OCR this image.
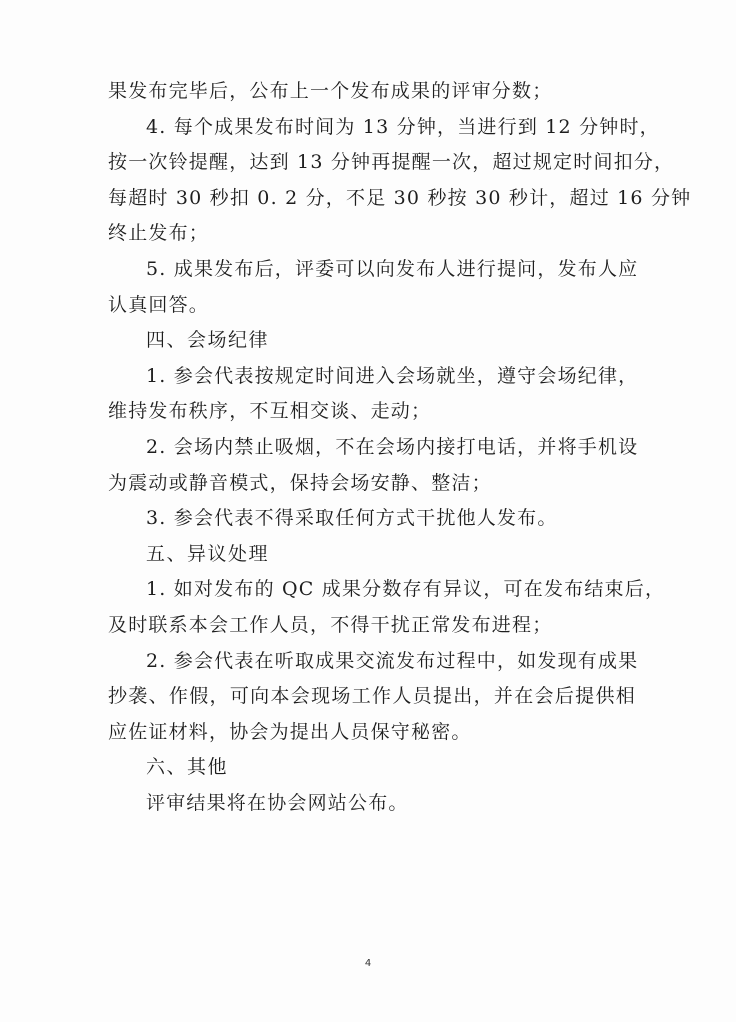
果发布完毕后，公布上一个发布成果的评审分数；
4. 每个成果发布时间为 13 分钟，当进行到 12 分钟时，
按一次铃提醒，达到 13 分钟再提醒一次，超过规定时间扣分，
每超时 30 秒扣 0. 2 分，不足 30 秒按 30 秒计，超过 16 分钟
终止发布；
5. 成果发布后，评委可以向发布人进行提问，发布人应
认真回答。
四、会场纪律
1. 参会代表按规定时间进入会场就坐，遵守会场纪律，
维持发布秩序，不互相交谈、走动；
2. 会场内禁止吸烟，不在会场内接打电话，并将手机设
为震动或静音模式，保持会场安静、整洁；
3. 参会代表不得采取任何方式干扰他人发布。
五、异议处理
1. 如对发布的 QC 成果分数存有异议，可在发布结束后，
及时联系本会工作人员，不得干扰正常发布进程；
2. 参会代表在听取成果交流发布过程中，如发现有成果
抄袭、作假，可向本会现场工作人员提出，并在会后提供相
应佐证材料，协会为提出人员保守秘密。
六、其他
评审结果将在协会网站公布。
4
